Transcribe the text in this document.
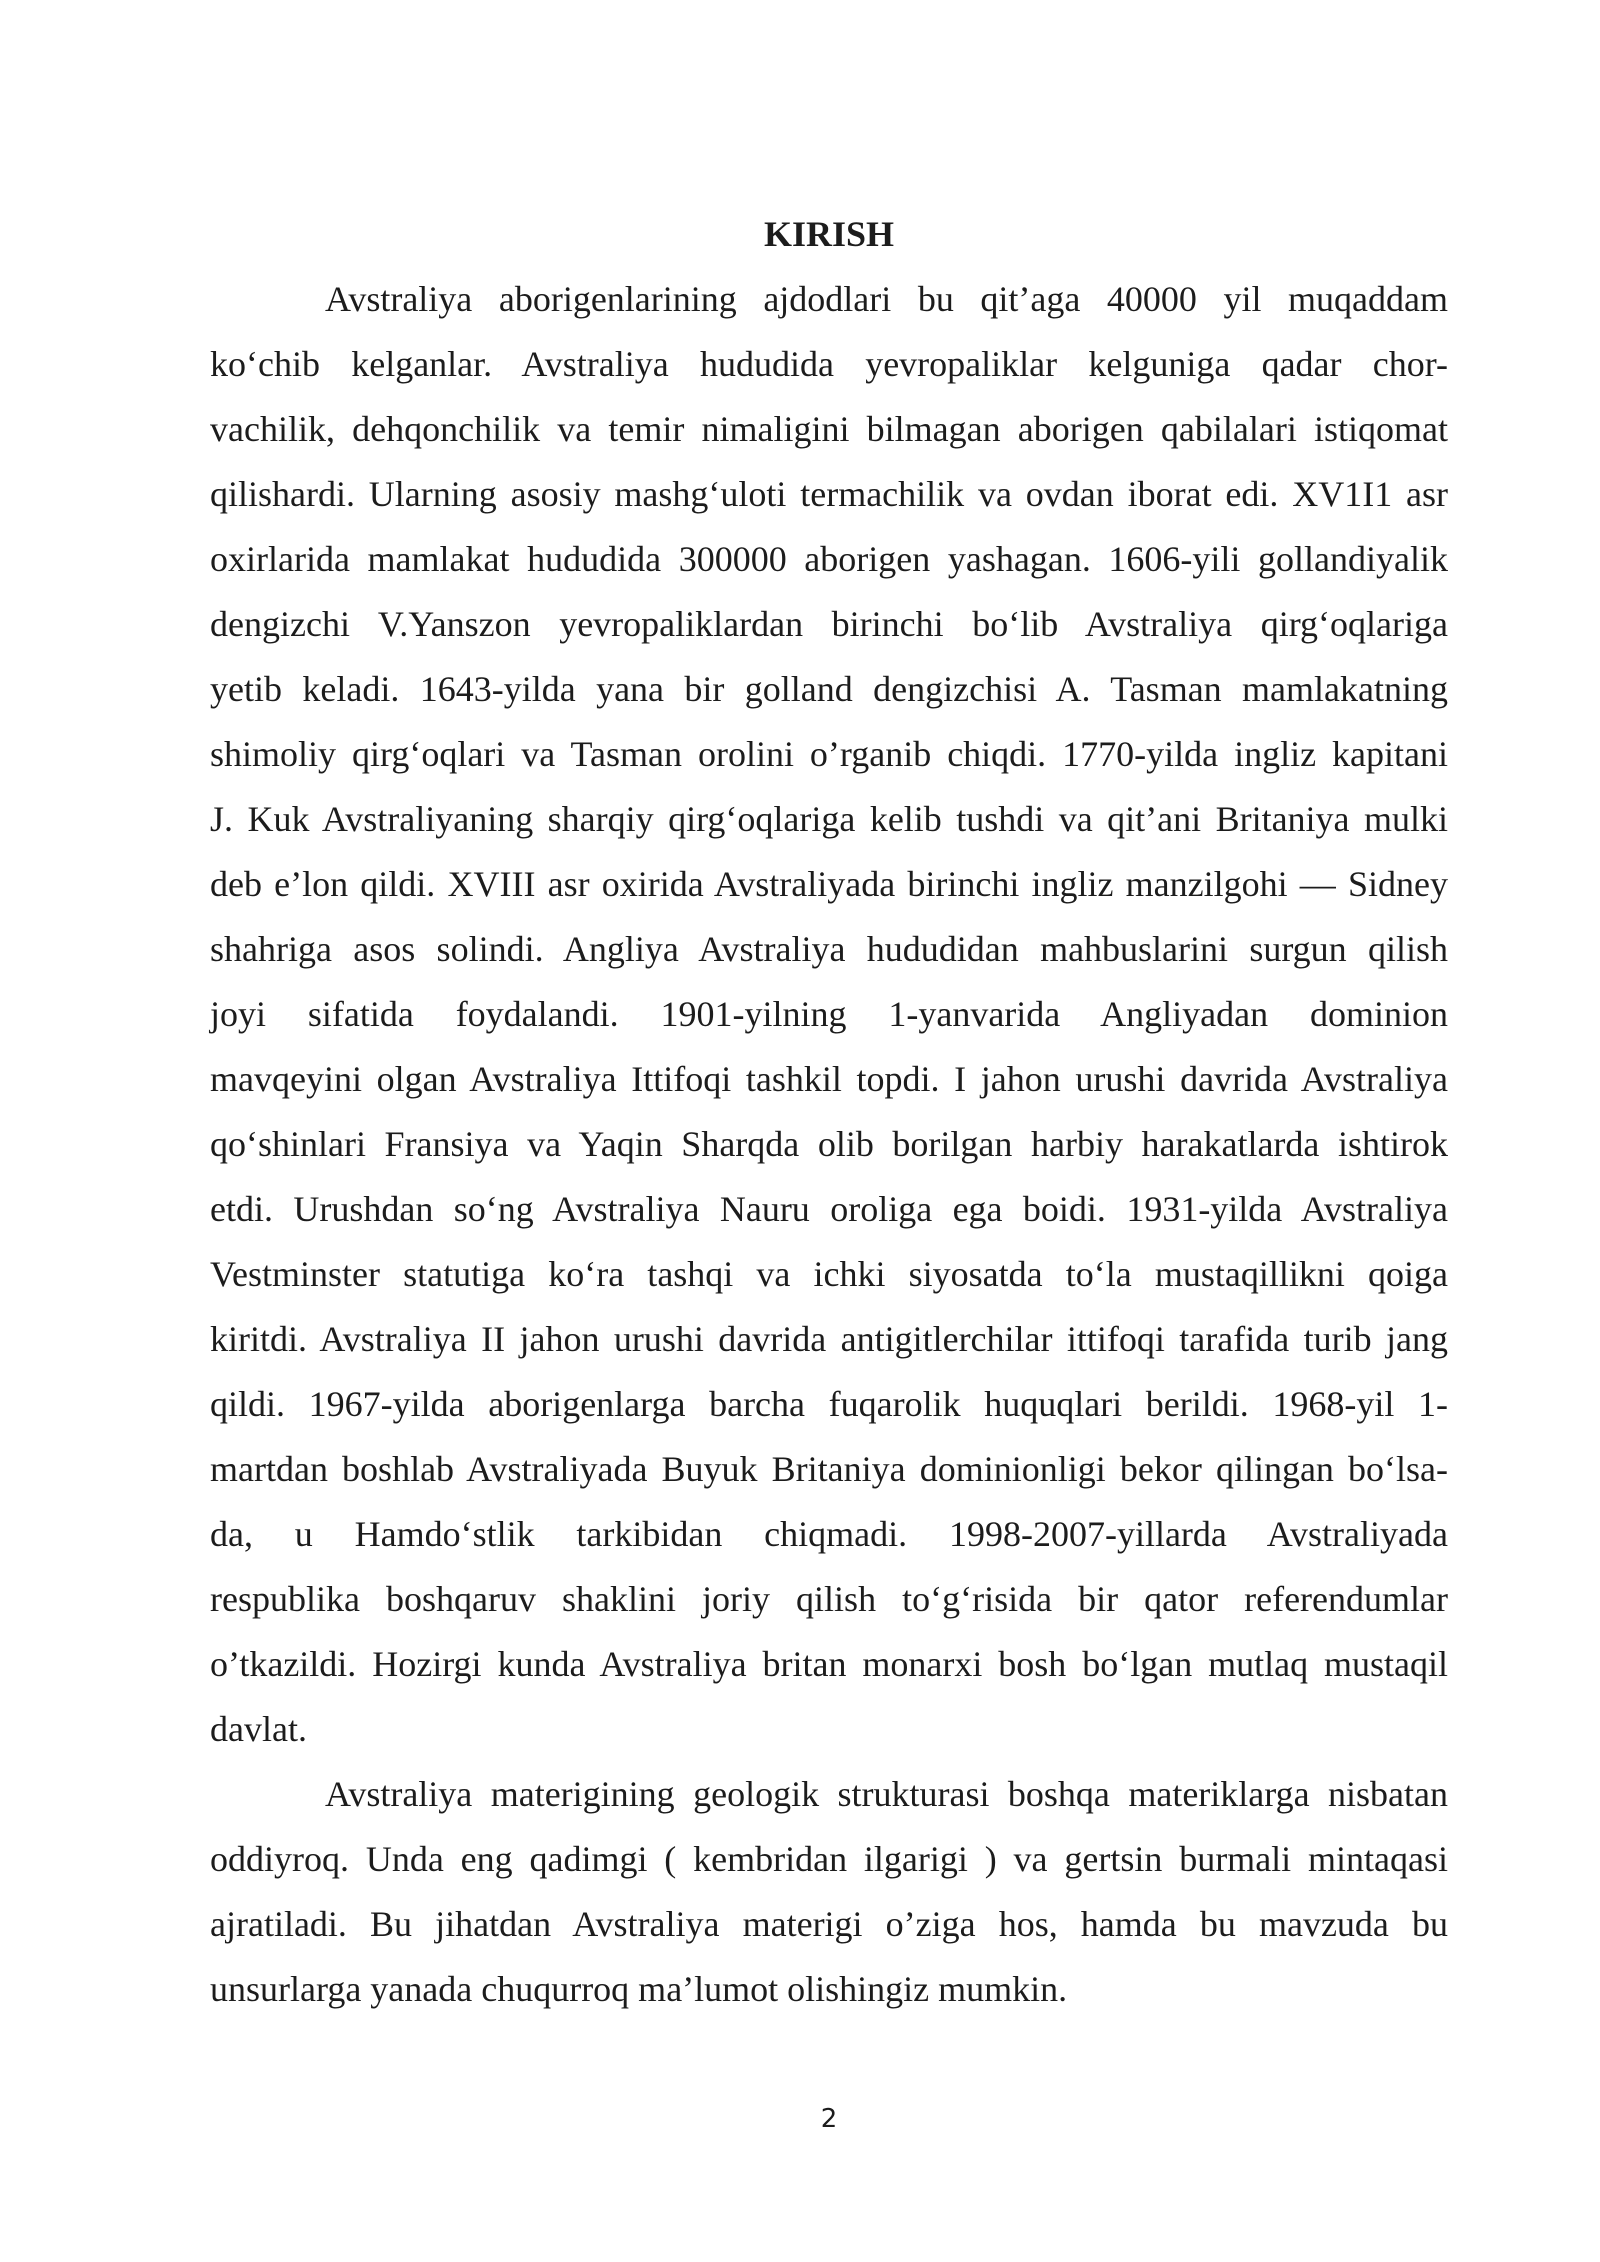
KIRISH
Avstraliya aborigenlarining ajdodlari bu qit’aga 40000 yil muqaddam
ko‘chib kelganlar. Avstraliya hududida yevropaliklar kelguniga qadar chor-
vachilik, dehqonchilik va temir nimaligini bilmagan aborigen qabilalari istiqomat
qilishardi. Ularning asosiy mashg‘uloti termachilik va ovdan iborat edi. XV1I1 asr
oxirlarida mamlakat hududida 300000 aborigen yashagan. 1606-yili gollandiyalik
dengizchi V.Yanszon yevropaliklardan birinchi bo‘lib Avstraliya qirg‘oqlariga
yetib keladi. 1643-yilda yana bir golland dengizchisi A. Tasman mamlakatning
shimoliy qirg‘oqlari va Tasman orolini o’rganib chiqdi. 1770-yilda ingliz kapitani
J. Kuk Avstraliyaning sharqiy qirg‘oqlariga kelib tushdi va qit’ani Britaniya mulki
deb e’lon qildi. XVIII asr oxirida Avstraliyada birinchi ingliz manzilgohi — Sidney
shahriga asos solindi. Angliya Avstraliya hududidan mahbuslarini surgun qilish
joyi sifatida foydalandi. 1901-yilning 1-yanvarida Angliyadan dominion
mavqeyini olgan Avstraliya Ittifoqi tashkil topdi. I jahon urushi davrida Avstraliya
qo‘shinlari Fransiya va Yaqin Sharqda olib borilgan harbiy harakatlarda ishtirok
etdi. Urushdan so‘ng Avstraliya Nauru oroliga ega boidi. 1931-yilda Avstraliya
Vestminster statutiga ko‘ra tashqi va ichki siyosatda to‘la mustaqillikni qoiga
kiritdi. Avstraliya II jahon urushi davrida antigitlerchilar ittifoqi tarafida turib jang
qildi. 1967-yilda aborigenlarga barcha fuqarolik huquqlari berildi. 1968-yil 1-
martdan boshlab Avstraliyada Buyuk Britaniya dominionligi bekor qilingan bo‘lsa-
da, u Hamdo‘stlik tarkibidan chiqmadi. 1998-2007-yillarda Avstraliyada
respublika boshqaruv shaklini joriy qilish to‘g‘risida bir qator referendumlar
o’tkazildi. Hozirgi kunda Avstraliya britan monarxi bosh bo‘lgan mutlaq mustaqil
davlat.
Avstraliya materigining geologik strukturasi boshqa materiklarga nisbatan
oddiyroq. Unda eng qadimgi ( kembridan ilgarigi ) va gertsin burmali mintaqasi
ajratiladi. Bu jihatdan Avstraliya materigi o’ziga hos, hamda bu mavzuda bu
unsurlarga yanada chuqurroq ma’lumot olishingiz mumkin.
2
